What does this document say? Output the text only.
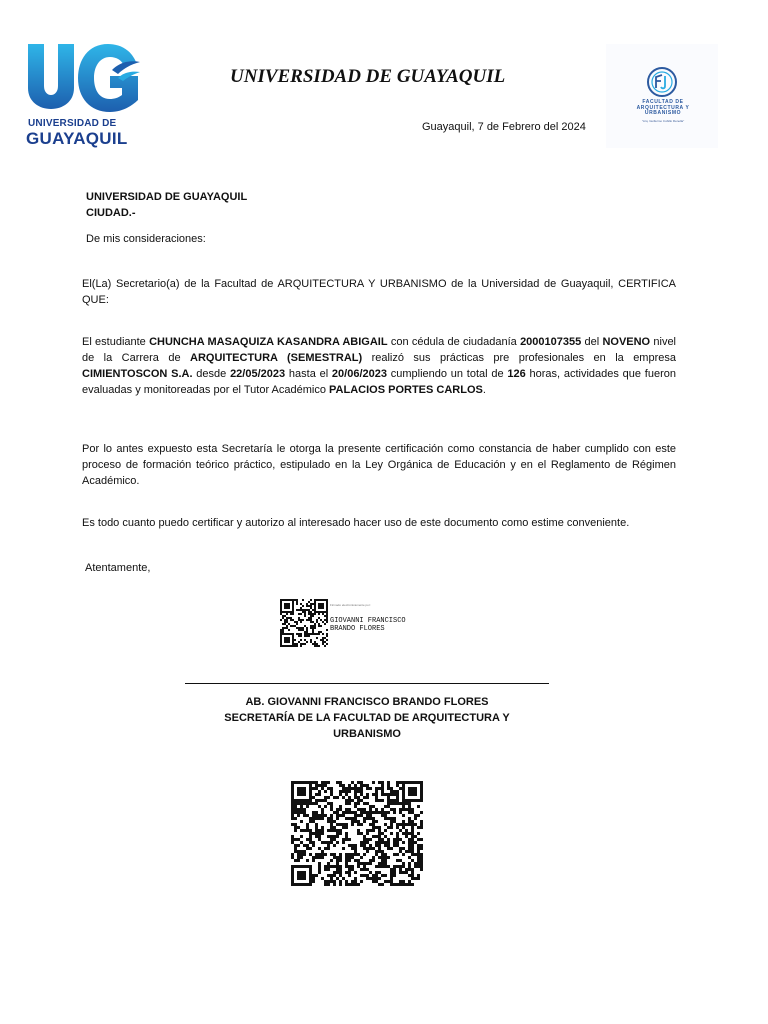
UNIVERSIDAD DE
GUAYAQUIL
UNIVERSIDAD DE GUAYAQUIL
FACULTAD DE ARQUITECTURA Y URBANISMO
"Arq. Guillermo Cubillo Renella"
Guayaquil, 7 de Febrero del 2024
UNIVERSIDAD DE GUAYAQUIL
CIUDAD.-
De mis consideraciones:

El(La) Secretario(a) de la Facultad de ARQUITECTURA Y URBANISMO de la Universidad de Guayaquil, CERTIFICA QUE:

El estudiante CHUNCHA MASAQUIZA KASANDRA ABIGAIL con cédula de ciudadanía 2000107355 del NOVENO nivel de la Carrera de ARQUITECTURA (SEMESTRAL) realizó sus prácticas pre profesionales en la empresa CIMIENTOSCON S.A. desde 22/05/2023 hasta el 20/06/2023 cumpliendo un total de 126 horas, actividades que fueron evaluadas y monitoreadas por el Tutor Académico PALACIOS PORTES CARLOS.

Por lo antes expuesto esta Secretaría le otorga la presente certificación como constancia de haber cumplido con este proceso de formación teórico práctico, estipulado en la Ley Orgánica de Educación y en el Reglamento de Régimen Académico.

Es todo cuanto puedo certificar y autorizo al interesado hacer uso de este documento como estime conveniente.

Atentamente,
Firmado electrónicamente por:
GIOVANNI FRANCISCO
BRANDO FLORES
AB. GIOVANNI FRANCISCO BRANDO FLORES
SECRETARÍA DE LA FACULTAD DE ARQUITECTURA Y
URBANISMO
